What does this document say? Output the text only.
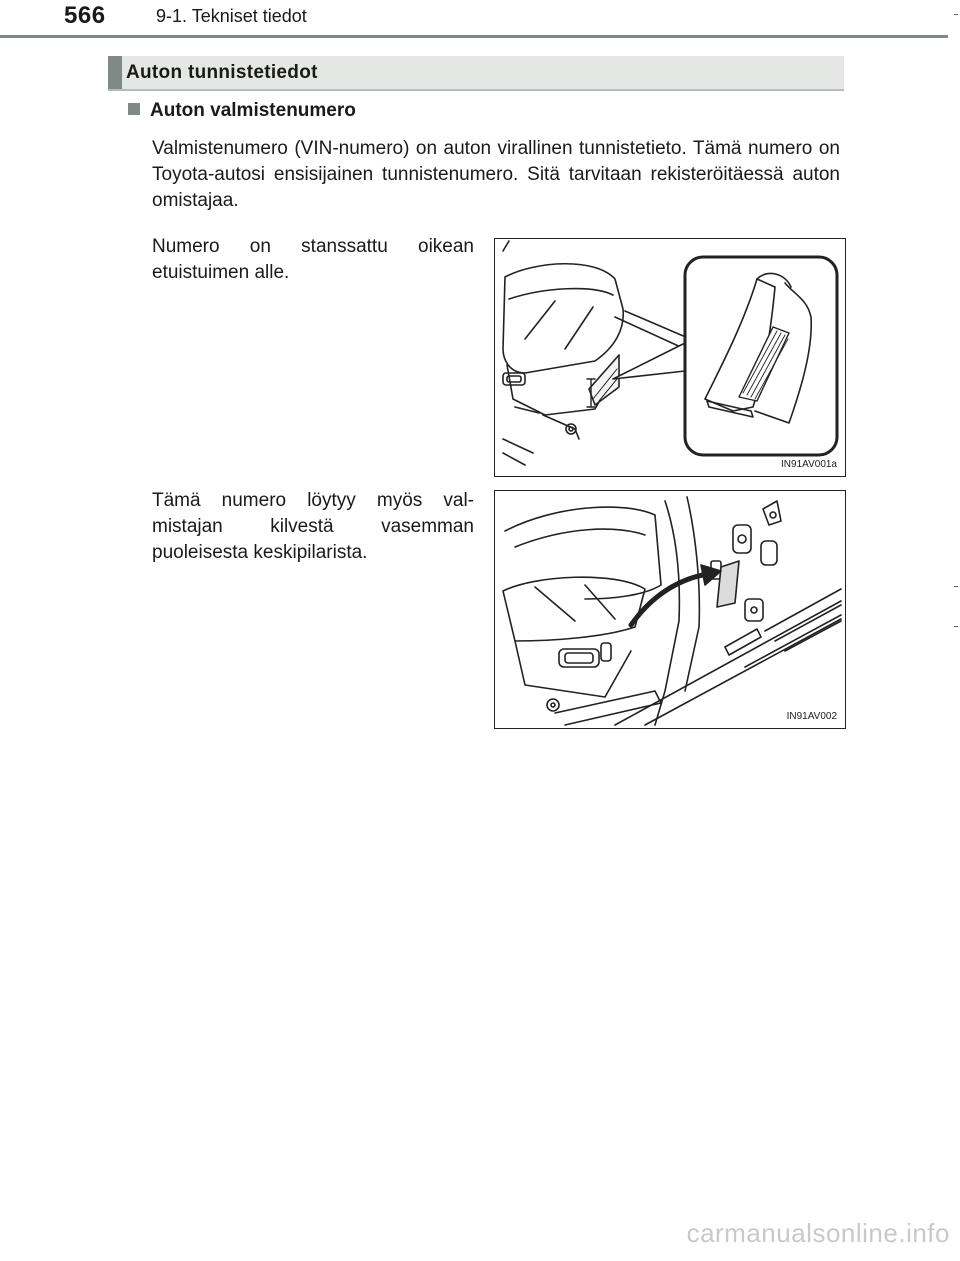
566	9-1. Tekniset tiedot
Auton tunnistetiedot
Auton valmistenumero
Valmistenumero (VIN-numero) on auton virallinen tunnistetieto. Tämä numero on Toyota-autosi ensisijainen tunnistenumero. Sitä tarvitaan rekisteröitäessä auton omistajaa.
Numero on stanssattu oikean etuistuimen alle.
Tämä numero löytyy myös val-mistajan kilvestä vasemman puoleisesta keskipilarista.
IN91AV001a
IN91AV002
carmanualsonline.info
